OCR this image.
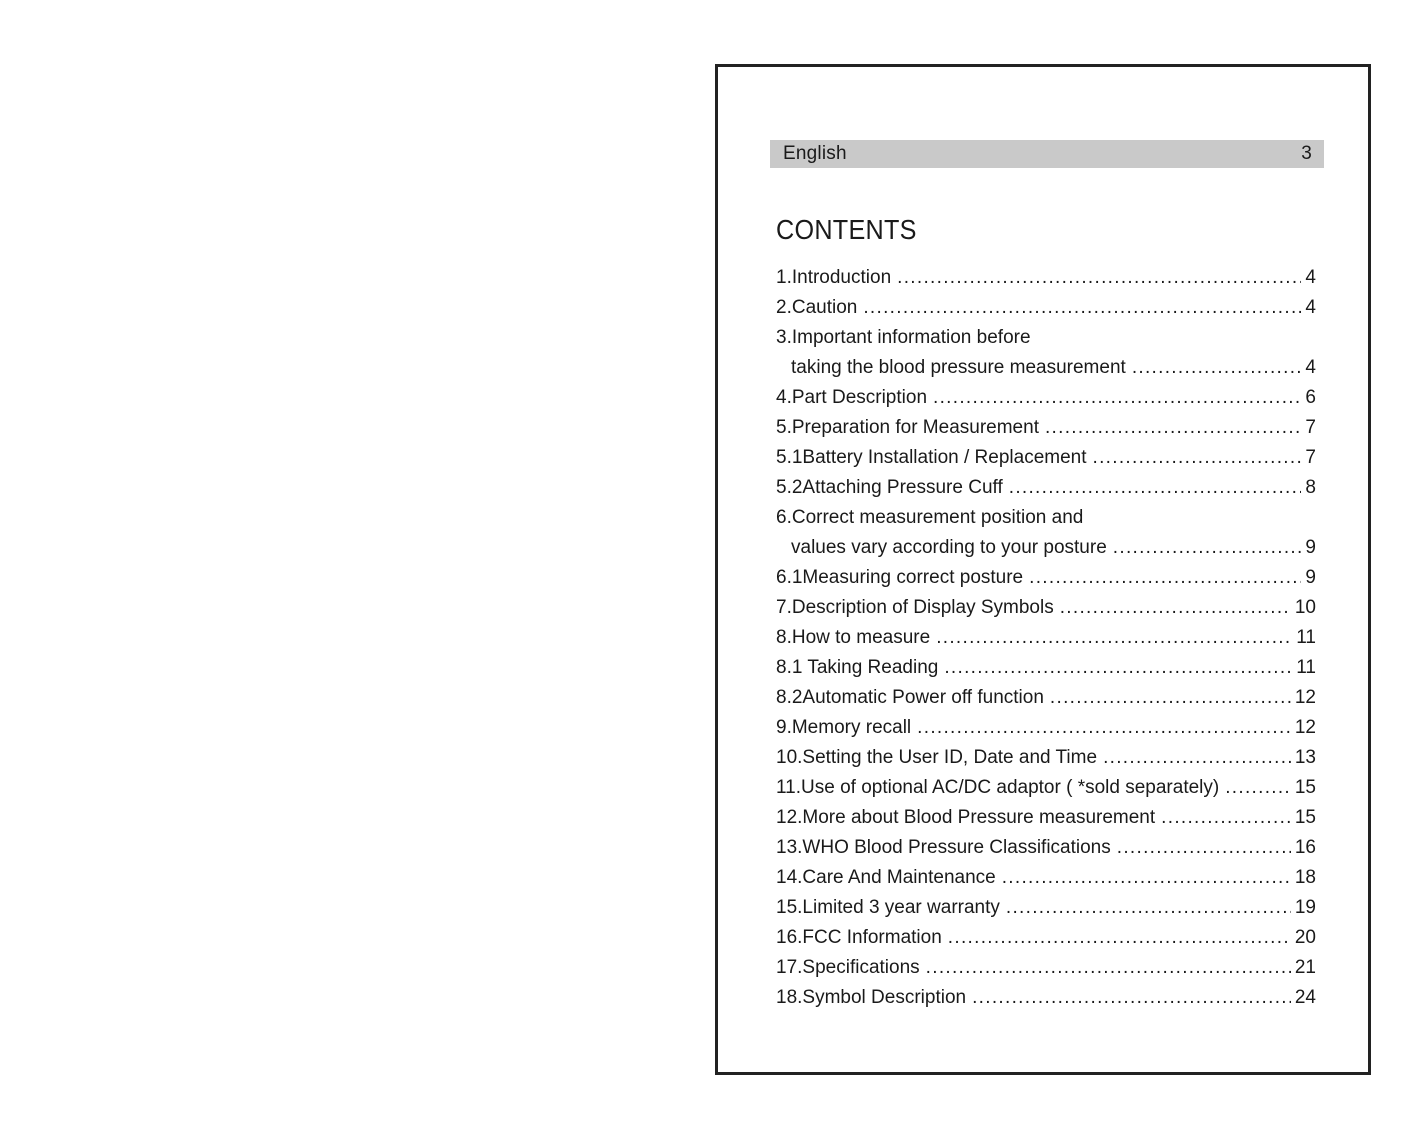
English	3
CONTENTS
1.Introduction .....	4
2.Caution .....	4
3.Important information before
taking the blood pressure measurement .....	4
4.Part Description .....	6
5.Preparation for Measurement .....	7
5.1Battery Installation / Replacement .....	7
5.2Attaching Pressure Cuff .....	8
6.Correct measurement position and
values vary according to your posture .....	9
6.1Measuring correct posture .....	9
7.Description of Display Symbols .....	10
8.How to measure .....	11
8.1 Taking Reading .....	11
8.2Automatic Power off function .....	12
9.Memory recall .....	12
10.Setting the User ID, Date and Time .....	13
11.Use of optional AC/DC adaptor ( *sold separately) .....	15
12.More about Blood Pressure measurement .....	15
13.WHO Blood Pressure Classifications .....	16
14.Care And Maintenance .....	18
15.Limited 3 year warranty .....	19
16.FCC Information .....	20
17.Specifications .....	21
18.Symbol Description .....	24
